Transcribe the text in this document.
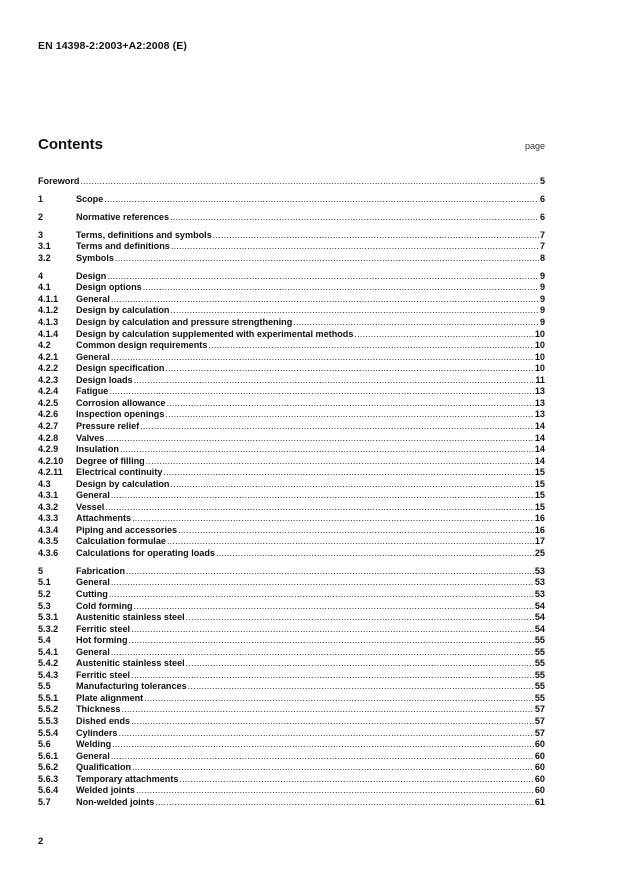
EN 14398-2:2003+A2:2008 (E)
Contents	page
Foreword .....	5
1	Scope .....	6
2	Normative references .....	6
3	Terms, definitions and symbols .....	7
3.1	Terms and definitions .....	7
3.2	Symbols .....	8
4	Design .....	9
4.1	Design options .....	9
4.1.1	General .....	9
4.1.2	Design by calculation .....	9
4.1.3	Design by calculation and pressure strengthening .....	9
4.1.4	Design by calculation supplemented with experimental methods .....	10
4.2	Common design requirements .....	10
4.2.1	General .....	10
4.2.2	Design specification .....	10
4.2.3	Design loads .....	11
4.2.4	Fatigue .....	13
4.2.5	Corrosion allowance .....	13
4.2.6	Inspection openings .....	13
4.2.7	Pressure relief .....	14
4.2.8	Valves .....	14
4.2.9	Insulation .....	14
4.2.10	Degree of filling .....	14
4.2.11	Electrical continuity .....	15
4.3	Design by calculation .....	15
4.3.1	General .....	15
4.3.2	Vessel .....	15
4.3.3	Attachments .....	16
4.3.4	Piping and accessories .....	16
4.3.5	Calculation formulae .....	17
4.3.6	Calculations for operating loads .....	25
5	Fabrication .....	53
5.1	General .....	53
5.2	Cutting .....	53
5.3	Cold forming .....	54
5.3.1	Austenitic stainless steel .....	54
5.3.2	Ferritic steel .....	54
5.4	Hot forming .....	55
5.4.1	General .....	55
5.4.2	Austenitic stainless steel .....	55
5.4.3	Ferritic steel .....	55
5.5	Manufacturing tolerances .....	55
5.5.1	Plate alignment .....	55
5.5.2	Thickness .....	57
5.5.3	Dished ends .....	57
5.5.4	Cylinders .....	57
5.6	Welding .....	60
5.6.1	General .....	60
5.6.2	Qualification .....	60
5.6.3	Temporary attachments .....	60
5.6.4	Welded joints .....	60
5.7	Non-welded joints .....	61
2
